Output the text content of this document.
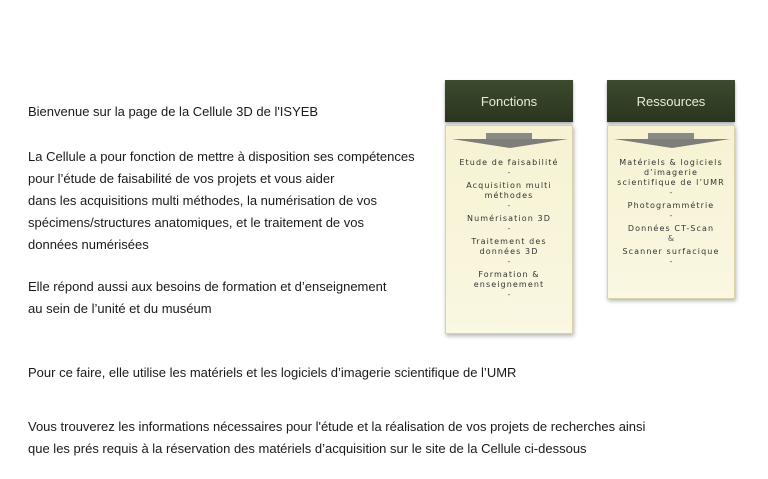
Bienvenue sur la page de la Cellule 3D de l'ISYEB

La Cellule a pour fonction de mettre à disposition ses compétences
pour l’étude de faisabilité de vos projets et vous aider
dans les acquisitions multi méthodes, la numérisation de vos
spécimens/structures anatomiques, et le traitement de vos
données numérisées

Elle répond aussi aux besoins de formation et d’enseignement
au sein de l’unité et du muséum

Pour ce faire, elle utilise les matériels et les logiciels d’imagerie scientifique de l’UMR

Vous trouverez les informations nécessaires pour l'étude et la réalisation de vos projets de recherches ainsi
que les prés requis à la réservation des matériels d’acquisition sur le site de la Cellule ci-dessous

Fonctions
Etude de faisabilité
-
Acquisition multi méthodes
-
Numérisation 3D
-
Traitement des données 3D
-
Formation & enseignement
-
Ressources
Matériels & logiciels d’imagerie scientifique de l’UMR
-
Photogrammétrie
-
Données CT-Scan
&
Scanner surfacique
-
